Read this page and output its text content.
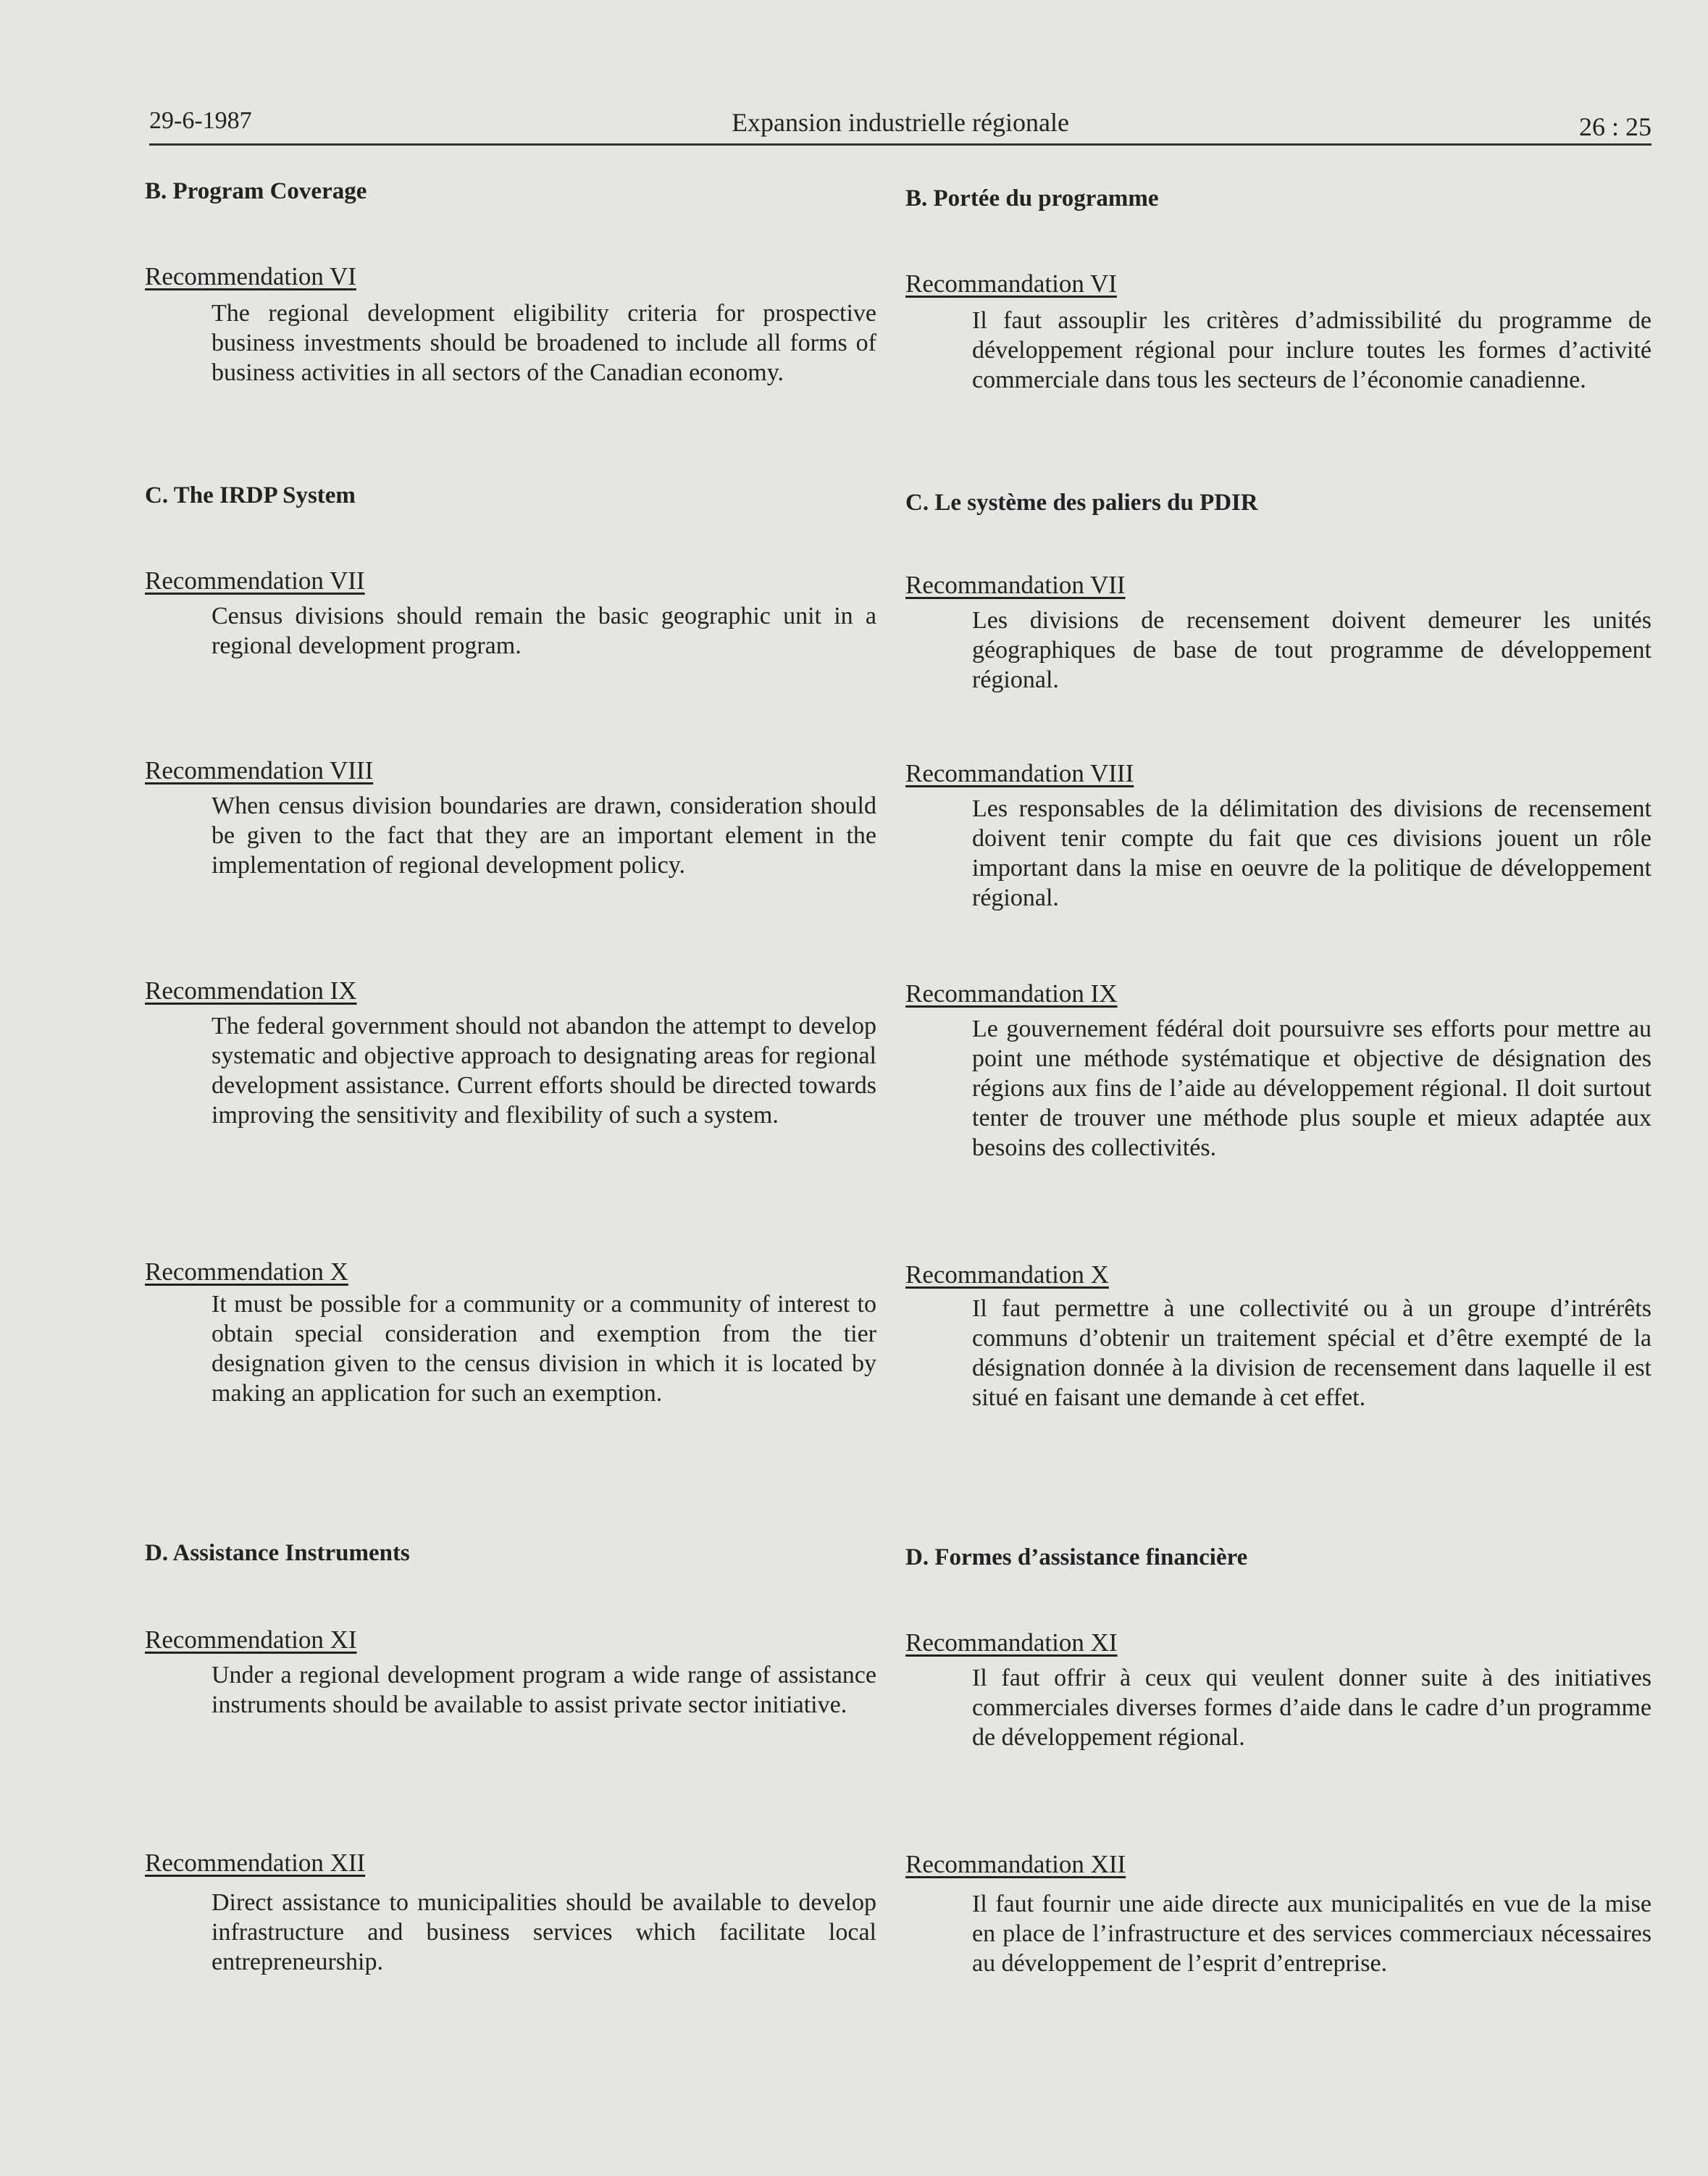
29-6-1987	Expansion industrielle régionale	26 : 25

B. Program Coverage

Recommendation VI

The regional development eligibility criteria for prospective business investments should be broadened to include all forms of business activities in all sectors of the Canadian economy.

C. The IRDP System

Recommendation VII

Census divisions should remain the basic geographic unit in a regional development program.

Recommendation VIII

When census division boundaries are drawn, consideration should be given to the fact that they are an important element in the implementation of regional development policy.

Recommendation IX

The federal government should not abandon the attempt to develop systematic and objective approach to designating areas for regional development assistance. Current efforts should be directed towards improving the sensitivity and flexibility of such a system.

Recommendation X

It must be possible for a community or a community of interest to obtain special consideration and exemption from the tier designation given to the census division in which it is located by making an application for such an exemption.

D. Assistance Instruments

Recommendation XI

Under a regional development program a wide range of assistance instruments should be available to assist private sector initiative.

Recommendation XII

Direct assistance to municipalities should be available to develop infrastructure and business services which facilitate local entrepreneurship.

B. Portée du programme

Recommandation VI

Il faut assouplir les critères d’admissibilité du programme de développement régional pour inclure toutes les formes d’activité commerciale dans tous les secteurs de l’économie canadienne.

C. Le système des paliers du PDIR

Recommandation VII

Les divisions de recensement doivent demeurer les unités géographiques de base de tout programme de développement régional.

Recommandation VIII

Les responsables de la délimitation des divisions de recensement doivent tenir compte du fait que ces divisions jouent un rôle important dans la mise en oeuvre de la politique de développement régional.

Recommandation IX

Le gouvernement fédéral doit poursuivre ses efforts pour mettre au point une méthode systématique et objective de désignation des régions aux fins de l’aide au développement régional. Il doit surtout tenter de trouver une méthode plus souple et mieux adaptée aux besoins des collectivités.

Recommandation X

Il faut permettre à une collectivité ou à un groupe d’intrérêts communs d’obtenir un traitement spécial et d’être exempté de la désignation donnée à la division de recensement dans laquelle il est situé en faisant une demande à cet effet.

D. Formes d’assistance financière

Recommandation XI

Il faut offrir à ceux qui veulent donner suite à des initiatives commerciales diverses formes d’aide dans le cadre d’un programme de développement régional.

Recommandation XII

Il faut fournir une aide directe aux municipalités en vue de la mise en place de l’infrastructure et des services commerciaux nécessaires au développement de l’esprit d’entreprise.
